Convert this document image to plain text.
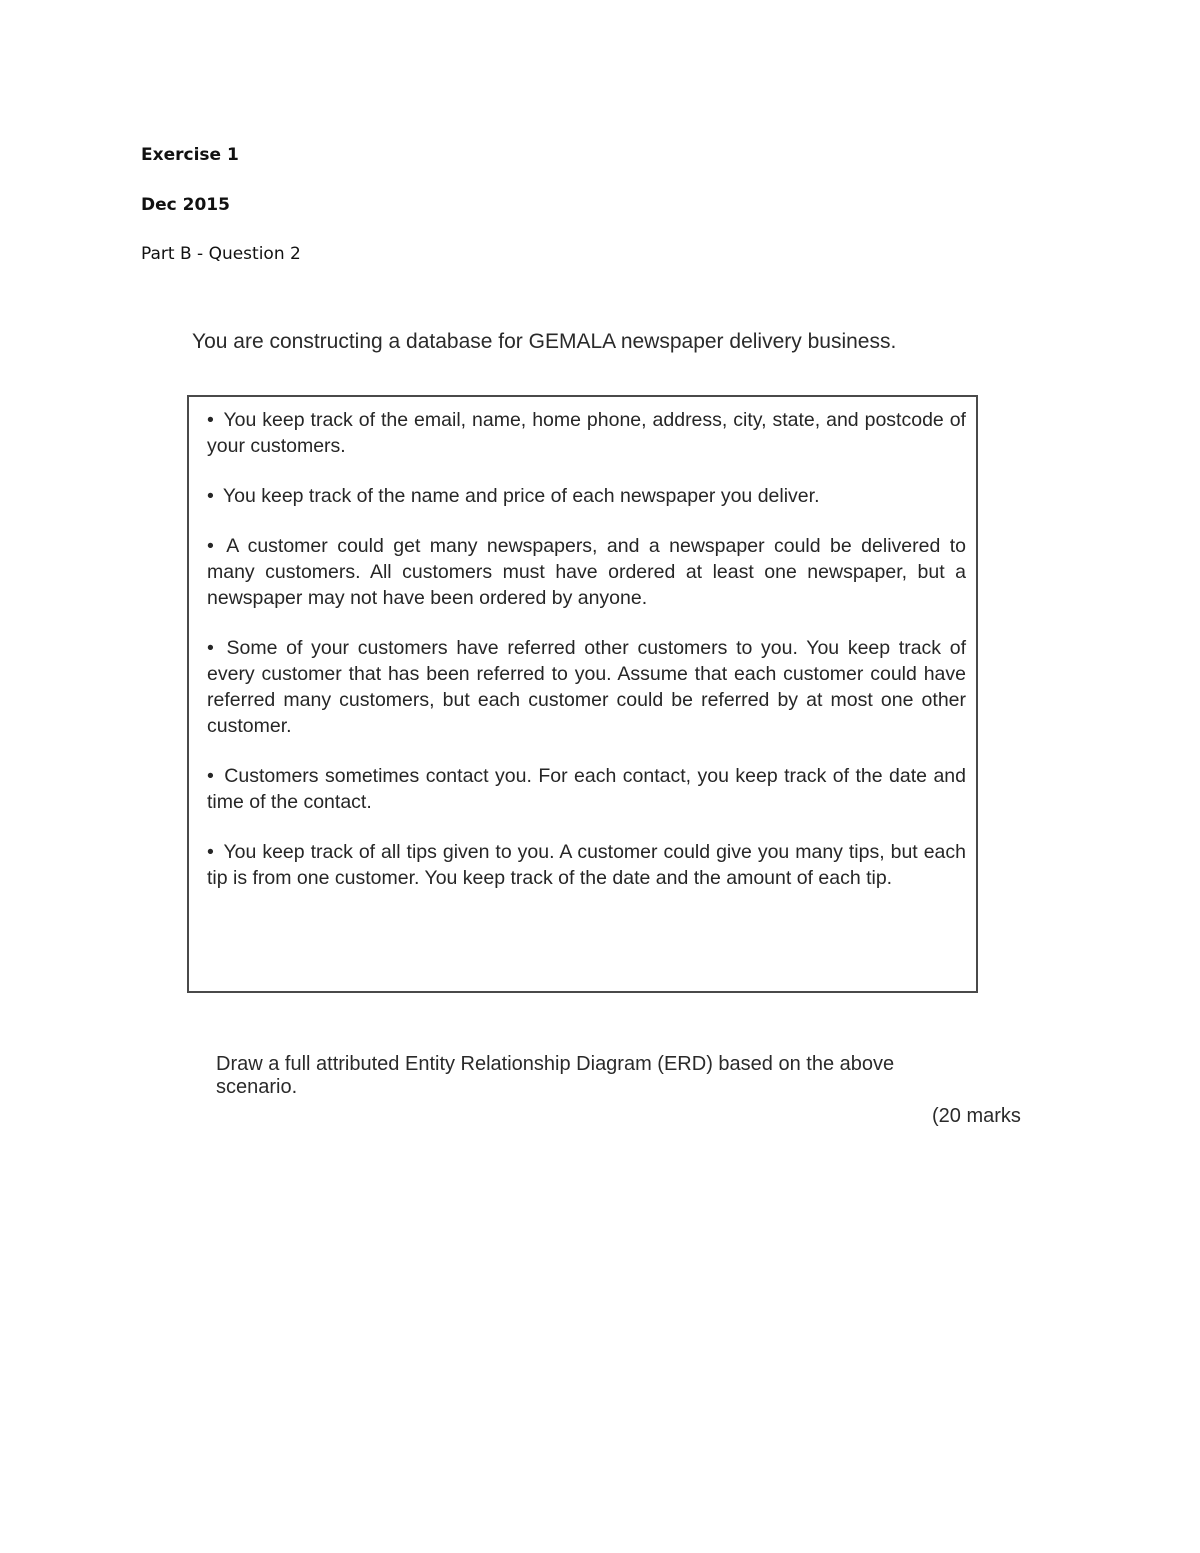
Exercise 1

Dec 2015

Part B - Question 2

You are constructing a database for GEMALA newspaper delivery business.

• You keep track of the email, name, home phone, address, city, state, and postcode of your customers.

• You keep track of the name and price of each newspaper you deliver.

• A customer could get many newspapers, and a newspaper could be delivered to many customers. All customers must have ordered at least one newspaper, but a newspaper may not have been ordered by anyone.

• Some of your customers have referred other customers to you. You keep track of every customer that has been referred to you. Assume that each customer could have referred many customers, but each customer could be referred by at most one other customer.

• Customers sometimes contact you. For each contact, you keep track of the date and time of the contact.

• You keep track of all tips given to you. A customer could give you many tips, but each tip is from one customer. You keep track of the date and the amount of each tip.

Draw a full attributed Entity Relationship Diagram (ERD) based on the above scenario.

(20 marks
